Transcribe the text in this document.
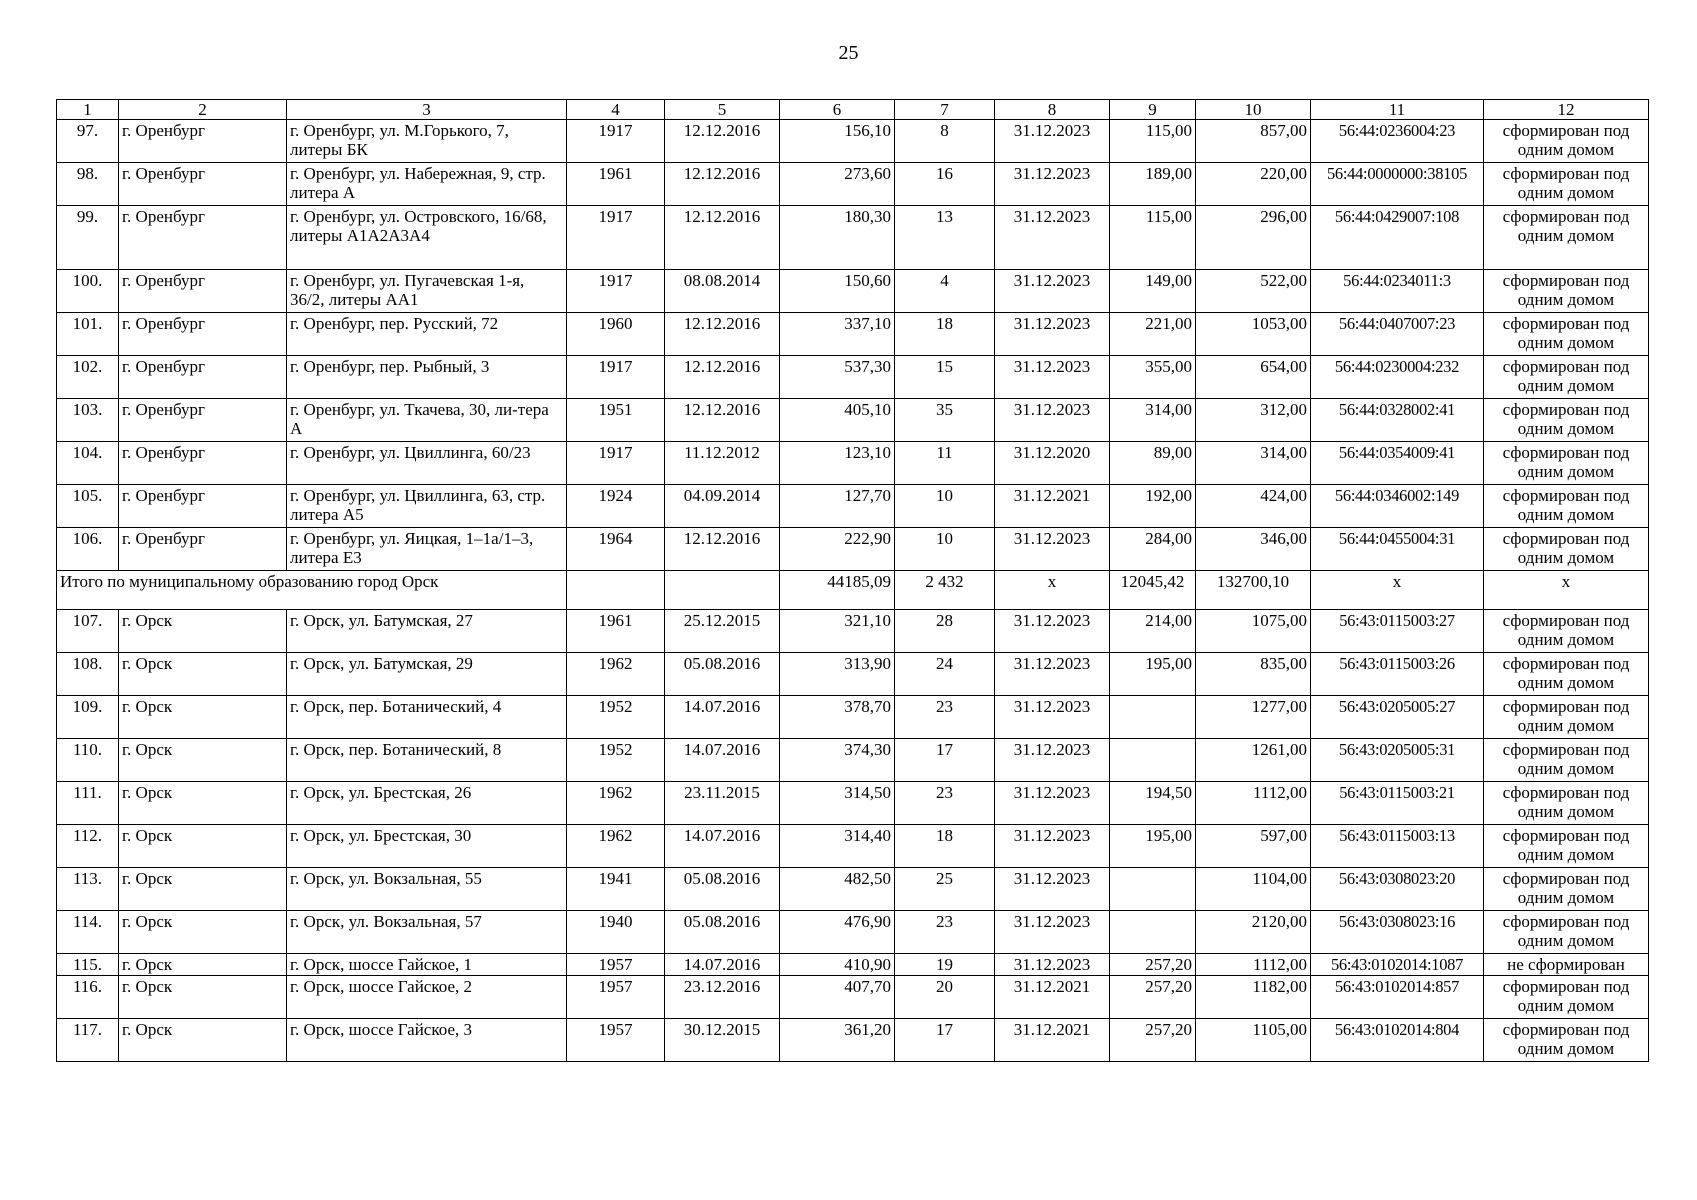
25
1	2	3	4	5	6	7	8	9	10	11	12
97.	г. Оренбург	г. Оренбург, ул. М.Горького, 7, литеры БК	1917	12.12.2016	156,10	8	31.12.2023	115,00	857,00	56:44:0236004:23	сформирован под одним домом
98.	г. Оренбург	г. Оренбург, ул. Набережная, 9, стр. литера А	1961	12.12.2016	273,60	16	31.12.2023	189,00	220,00	56:44:0000000:38105	сформирован под одним домом
99.	г. Оренбург	г. Оренбург, ул. Островского, 16/68, литеры А1А2А3А4	1917	12.12.2016	180,30	13	31.12.2023	115,00	296,00	56:44:0429007:108	сформирован под одним домом
100.	г. Оренбург	г. Оренбург, ул. Пугачевская 1-я, 36/2, литеры АА1	1917	08.08.2014	150,60	4	31.12.2023	149,00	522,00	56:44:0234011:3	сформирован под одним домом
101.	г. Оренбург	г. Оренбург, пер. Русский, 72	1960	12.12.2016	337,10	18	31.12.2023	221,00	1053,00	56:44:0407007:23	сформирован под одним домом
102.	г. Оренбург	г. Оренбург, пер. Рыбный, 3	1917	12.12.2016	537,30	15	31.12.2023	355,00	654,00	56:44:0230004:232	сформирован под одним домом
103.	г. Оренбург	г. Оренбург, ул. Ткачева, 30, ли-тера А	1951	12.12.2016	405,10	35	31.12.2023	314,00	312,00	56:44:0328002:41	сформирован под одним домом
104.	г. Оренбург	г. Оренбург, ул. Цвиллинга, 60/23	1917	11.12.2012	123,10	11	31.12.2020	89,00	314,00	56:44:0354009:41	сформирован под одним домом
105.	г. Оренбург	г. Оренбург, ул. Цвиллинга, 63, стр. литера А5	1924	04.09.2014	127,70	10	31.12.2021	192,00	424,00	56:44:0346002:149	сформирован под одним домом
106.	г. Оренбург	г. Оренбург, ул. Яицкая, 1–1а/1–3, литера Е3	1964	12.12.2016	222,90	10	31.12.2023	284,00	346,00	56:44:0455004:31	сформирован под одним домом
Итого по муниципальному образованию город Орск					44185,09	2 432	х	12045,42	132700,10	х	х
107.	г. Орск	г. Орск, ул. Батумская, 27	1961	25.12.2015	321,10	28	31.12.2023	214,00	1075,00	56:43:0115003:27	сформирован под одним домом
108.	г. Орск	г. Орск, ул. Батумская, 29	1962	05.08.2016	313,90	24	31.12.2023	195,00	835,00	56:43:0115003:26	сформирован под одним домом
109.	г. Орск	г. Орск, пер. Ботанический, 4	1952	14.07.2016	378,70	23	31.12.2023		1277,00	56:43:0205005:27	сформирован под одним домом
110.	г. Орск	г. Орск, пер. Ботанический, 8	1952	14.07.2016	374,30	17	31.12.2023		1261,00	56:43:0205005:31	сформирован под одним домом
111.	г. Орск	г. Орск, ул. Брестская, 26	1962	23.11.2015	314,50	23	31.12.2023	194,50	1112,00	56:43:0115003:21	сформирован под одним домом
112.	г. Орск	г. Орск, ул. Брестская, 30	1962	14.07.2016	314,40	18	31.12.2023	195,00	597,00	56:43:0115003:13	сформирован под одним домом
113.	г. Орск	г. Орск, ул. Вокзальная, 55	1941	05.08.2016	482,50	25	31.12.2023		1104,00	56:43:0308023:20	сформирован под одним домом
114.	г. Орск	г. Орск, ул. Вокзальная, 57	1940	05.08.2016	476,90	23	31.12.2023		2120,00	56:43:0308023:16	сформирован под одним домом
115.	г. Орск	г. Орск, шоссе Гайское, 1	1957	14.07.2016	410,90	19	31.12.2023	257,20	1112,00	56:43:0102014:1087	не сформирован
116.	г. Орск	г. Орск, шоссе Гайское, 2	1957	23.12.2016	407,70	20	31.12.2021	257,20	1182,00	56:43:0102014:857	сформирован под одним домом
117.	г. Орск	г. Орск, шоссе Гайское, 3	1957	30.12.2015	361,20	17	31.12.2021	257,20	1105,00	56:43:0102014:804	сформирован под одним домом
